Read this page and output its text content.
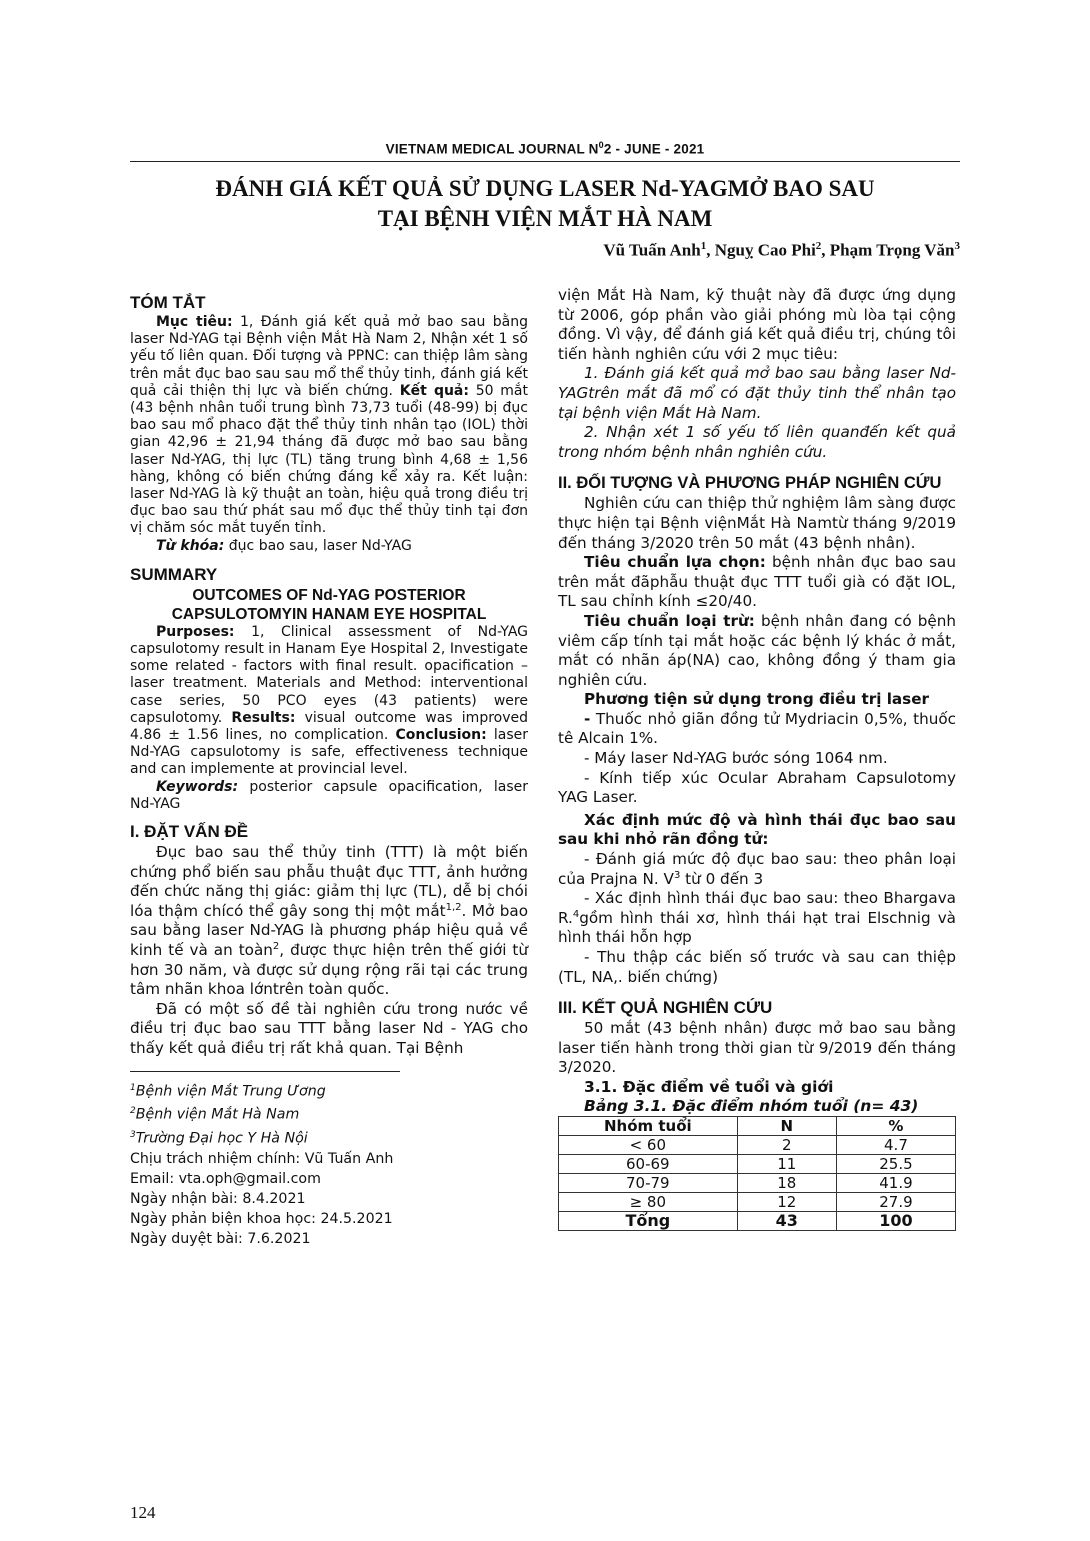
VIETNAM MEDICAL JOURNAL $N^02$ - JUNE - 2021
ĐÁNH GIÁ KẾT QUẢ SỬ DỤNG LASER Nd-YAGMỞ BAO SAU
TẠI BỆNH VIỆN MẮT HÀ NAM
Vũ Tuấn Anh$^1$, Nguỵ Cao Phi$^2$, Phạm Trọng Văn$^3$
TÓM TẮT

Mục tiêu: 1, Đánh giá kết quả mở bao sau bằng laser Nd-YAG tại Bệnh viện Mắt Hà Nam 2, Nhận xét 1 số yếu tố liên quan. Đối tượng và PPNC: can thiệp lâm sàng trên mắt đục bao sau sau mổ thể thủy tinh, đánh giá kết quả cải thiện thị lực và biến chứng. Kết quả: 50 mắt (43 bệnh nhân tuổi trung bình 73,73 tuổi (48-99) bị đục bao sau mổ phaco đặt thể thủy tinh nhân tạo (IOL) thời gian 42,96 ± 21,94 tháng đã được mở bao sau bằng laser Nd-YAG, thị lực (TL) tăng trung bình 4,68 ± 1,56 hàng, không có biến chứng đáng kể xảy ra. Kết luận: laser Nd-YAG là kỹ thuật an toàn, hiệu quả trong điều trị đục bao sau thứ phát sau mổ đục thể thủy tinh tại đơn vị chăm sóc mắt tuyến tỉnh.

Từ khóa: đục bao sau, laser Nd-YAG

SUMMARY
OUTCOMES OF Nd-YAG POSTERIOR
CAPSULOTOMYIN HANAM EYE HOSPITAL

Purposes: 1, Clinical assessment of Nd-YAG capsulotomy result in Hanam Eye Hospital 2, Investigate some related - factors with final result. opacification – laser treatment. Materials and Method: interventional case series, 50 PCO eyes (43 patients) were capsulotomy. Results: visual outcome was improved 4.86 ± 1.56 lines, no complication. Conclusion: laser Nd-YAG capsulotomy is safe, effectiveness technique and can implemente at provincial level.

Keywords: posterior capsule opacification, laser Nd-YAG

I. ĐẶT VẤN ĐỀ

Đục bao sau thể thủy tinh (TTT) là một biến chứng phổ biến sau phẫu thuật đục TTT, ảnh hưởng đến chức năng thị giác: giảm thị lực (TL), dễ bị chói lóa thậm chícó thể gây song thị một mắt$^{1,2}$. Mở bao sau bằng laser Nd-YAG là phương pháp hiệu quả về kinh tế và an toàn$^2$, được thực hiện trên thế giới từ hơn 30 năm, và được sử dụng rộng rãi tại các trung tâm nhãn khoa lớntrên toàn quốc.

Đã có một số đề tài nghiên cứu trong nước về điều trị đục bao sau TTT bằng laser Nd - YAG cho thấy kết quả điều trị rất khả quan. Tại Bệnh

$^1$Bệnh viện Mắt Trung Ương

$^2$Bệnh viện Mắt Hà Nam

$^3$Trường Đại học Y Hà Nội

Chịu trách nhiệm chính: Vũ Tuấn Anh

Email: vta.oph@gmail.com

Ngày nhận bài: 8.4.2021

Ngày phản biện khoa học: 24.5.2021

Ngày duyệt bài: 7.6.2021

viện Mắt Hà Nam, kỹ thuật này đã được ứng dụng từ 2006, góp phần vào giải phóng mù lòa tại cộng đồng. Vì vậy, để đánh giá kết quả điều trị, chúng tôi tiến hành nghiên cứu với 2 mục tiêu:

1. Đánh giá kết quả mở bao sau bằng laser Nd-YAGtrên mắt đã mổ có đặt thủy tinh thể nhân tạo tại bệnh viện Mắt Hà Nam.

2. Nhận xét 1 số yếu tố liên quanđến kết quả trong nhóm bệnh nhân nghiên cứu.

II. ĐỐI TƯỢNG VÀ PHƯƠNG PHÁP NGHIÊN CỨU

Nghiên cứu can thiệp thử nghiệm lâm sàng được thực hiện tại Bệnh việnMắt Hà Namtừ tháng 9/2019 đến tháng 3/2020 trên 50 mắt (43 bệnh nhân).

Tiêu chuẩn lựa chọn: bệnh nhân đục bao sau trên mắt đãphẫu thuật đục TTT tuổi già có đặt IOL, TL sau chỉnh kính ≤20/40.

Tiêu chuẩn loại trừ: bệnh nhân đang có bệnh viêm cấp tính tại mắt hoặc các bệnh lý khác ở mắt, mắt có nhãn áp(NA) cao, không đồng ý tham gia nghiên cứu.

Phương tiện sử dụng trong điều trị laser

- Thuốc nhỏ giãn đồng tử Mydriacin 0,5%, thuốc tê Alcain 1%.

- Máy laser Nd-YAG bước sóng 1064 nm.

- Kính tiếp xúc Ocular Abraham Capsulotomy YAG Laser.

Xác định mức độ và hình thái đục bao sau sau khi nhỏ rãn đồng tử:

- Đánh giá mức độ đục bao sau: theo phân loại của Prajna N. $V^3$ từ 0 đến 3

- Xác định hình thái đục bao sau: theo Bhargava R.$^4$gồm hình thái xơ, hình thái hạt trai Elschnig và hình thái hỗn hợp

- Thu thập các biến số trước và sau can thiệp (TL, NA,. biến chứng)

III. KẾT QUẢ NGHIÊN CỨU

50 mắt (43 bệnh nhân) được mở bao sau bằng laser tiến hành trong thời gian từ 9/2019 đến tháng 3/2020.

3.1. Đặc điểm về tuổi và giới
Bảng 3.1. Đặc điểm nhóm tuổi (n= 43)
Nhóm tuổi	N	%
< 60	2	4.7
60-69	11	25.5
70-79	18	41.9
≥ 80	12	27.9
Tổng	43	100
124
